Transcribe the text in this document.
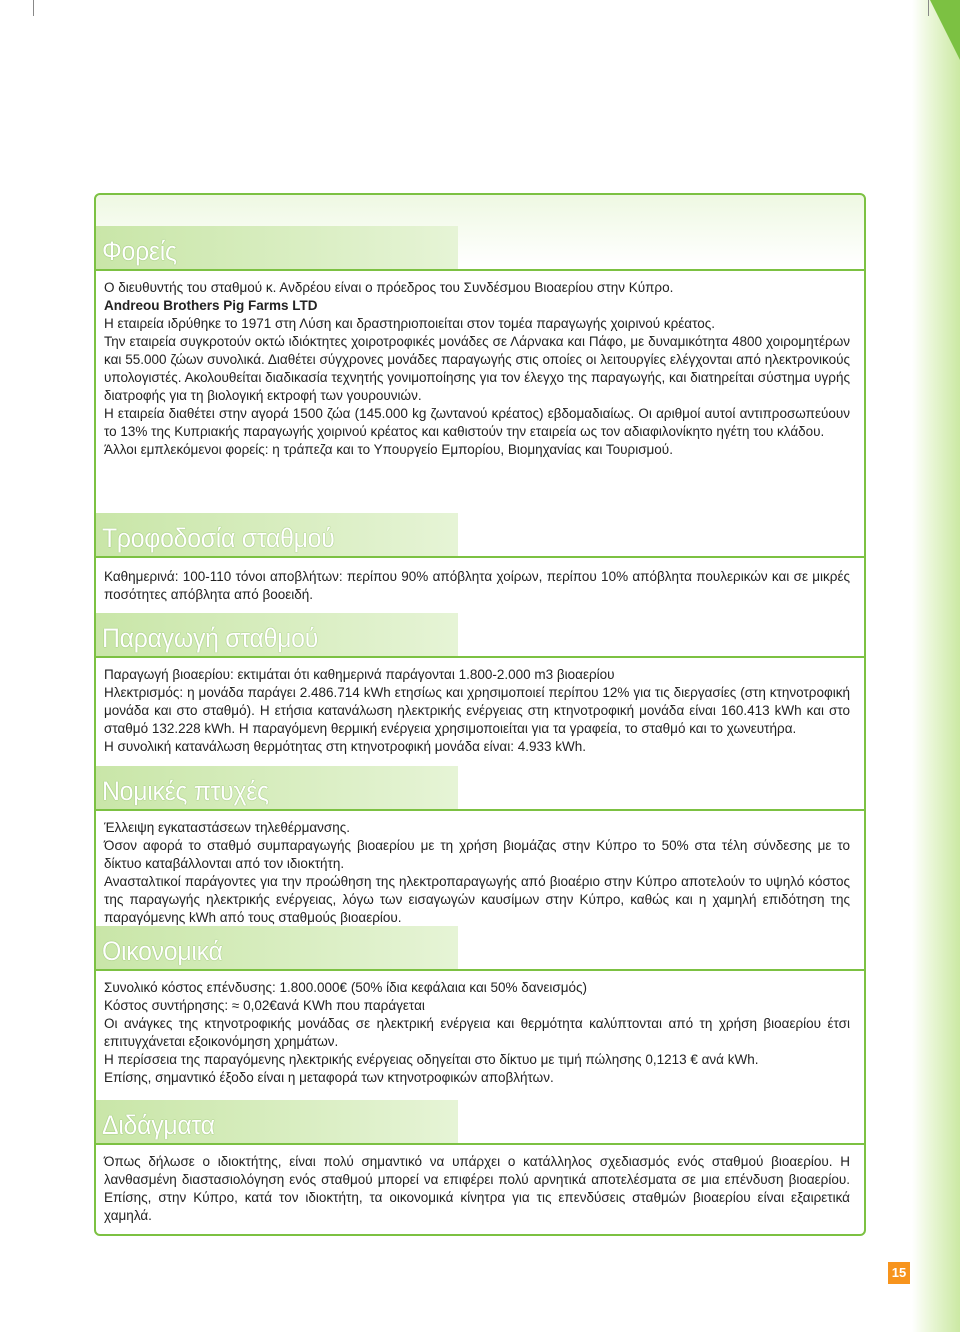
Φορείς

Ο διευθυντής του σταθμού κ. Ανδρέου είναι ο πρόεδρος του Συνδέσμου Βιοαερίου στην Κύπρο.

Andreou Brothers Pig Farms LTD

Η εταιρεία ιδρύθηκε το 1971 στη Λύση και δραστηριοποιείται στον τομέα παραγωγής χοιρινού κρέατος.

Την εταιρεία συγκροτούν οκτώ ιδιόκτητες χοιροτροφικές μονάδες σε Λάρνακα και Πάφο, με δυναμικότητα 4800 χοιρομητέρων και 55.000 ζώων συνολικά. Διαθέτει σύγχρονες μονάδες παραγωγής στις οποίες οι λειτουργίες ελέγχονται από ηλεκτρονικούς υπολογιστές. Ακολουθείται διαδικασία τεχνητής γονιμοποίησης για τον έλεγχο της παραγωγής, και διατηρείται σύστημα υγρής διατροφής για τη βιολογική εκτροφή των γουρουνιών.

Η εταιρεία διαθέτει στην αγορά 1500 ζώα (145.000 kg ζωντανού κρέατος) εβδομαδιαίως. Οι αριθμοί αυτοί αντιπροσωπεύουν το 13% της Κυπριακής παραγωγής χοιρινού κρέατος και καθιστούν την εταιρεία ως τον αδιαφιλονίκητο ηγέτη του κλάδου.

Άλλοι εμπλεκόμενοι φορείς: η τράπεζα και το Υπουργείο Εμπορίου, Βιομηχανίας και Τουρισμού.

Τροφοδοσία σταθμού

Καθημερινά: 100-110 τόνοι αποβλήτων: περίπου 90% απόβλητα χοίρων, περίπου 10% απόβλητα πουλερικών και σε μικρές ποσότητες απόβλητα από βοοειδή.

Παραγωγή σταθμού

Παραγωγή βιοαερίου: εκτιμάται ότι καθημερινά παράγονται 1.800-2.000 m3 βιοαερίου

Ηλεκτρισμός: η μονάδα παράγει 2.486.714 kWh ετησίως και χρησιμοποιεί περίπου 12% για τις διεργασίες (στη κτηνοτροφική μονάδα και στο σταθμό). Η ετήσια κατανάλωση ηλεκτρικής ενέργειας στη κτηνοτροφική μονάδα είναι 160.413 kWh και στο σταθμό 132.228 kWh. Η παραγόμενη θερμική ενέργεια χρησιμοποιείται για τα γραφεία, το σταθμό και το χωνευτήρα.

Η συνολική κατανάλωση θερμότητας στη κτηνοτροφική μονάδα είναι: 4.933 kWh.

Νομικές πτυχές

Έλλειψη εγκαταστάσεων τηλεθέρμανσης.

Όσον αφορά το σταθμό συμπαραγωγής βιοαερίου με τη χρήση βιομάζας στην Κύπρο το 50% στα τέλη σύνδεσης με το δίκτυο καταβάλλονται από τον ιδιοκτήτη.

Ανασταλτικοί παράγοντες για την προώθηση της ηλεκτροπαραγωγής από βιοαέριο στην Κύπρο αποτελούν το υψηλό κόστος της παραγωγής ηλεκτρικής ενέργειας, λόγω των εισαγωγών καυσίμων στην Κύπρο, καθώς και η χαμηλή επιδότηση της παραγόμενης kWh από τους σταθμούς βιοαερίου.

Οικονομικά

Συνολικό κόστος επένδυσης: 1.800.000€ (50% ίδια κεφάλαια και 50% δανεισμός)

Κόστος συντήρησης: ≈ 0,02€ανά KWh που παράγεται

Οι ανάγκες της κτηνοτροφικής μονάδας σε ηλεκτρική ενέργεια και θερμότητα καλύπτονται από τη χρήση βιοαερίου έτσι επιτυγχάνεται εξοικονόμηση χρημάτων.

Η περίσσεια της παραγόμενης ηλεκτρικής ενέργειας οδηγείται στο δίκτυο με τιμή πώλησης 0,1213 € ανά kWh.

Επίσης, σημαντικό έξοδο είναι η μεταφορά των κτηνοτροφικών αποβλήτων.

Διδάγματα

Όπως δήλωσε ο ιδιοκτήτης, είναι πολύ σημαντικό να υπάρχει ο κατάλληλος σχεδιασμός ενός σταθμού βιοαερίου. Η λανθασμένη διαστασιολόγηση ενός σταθμού μπορεί να επιφέρει πολύ αρνητικά αποτελέσματα σε μια επένδυση βιοαερίου. Επίσης, στην Κύπρο, κατά τον ιδιοκτήτη, τα οικονομικά κίνητρα για τις επενδύσεις σταθμών βιοαερίου είναι εξαιρετικά χαμηλά.

15
